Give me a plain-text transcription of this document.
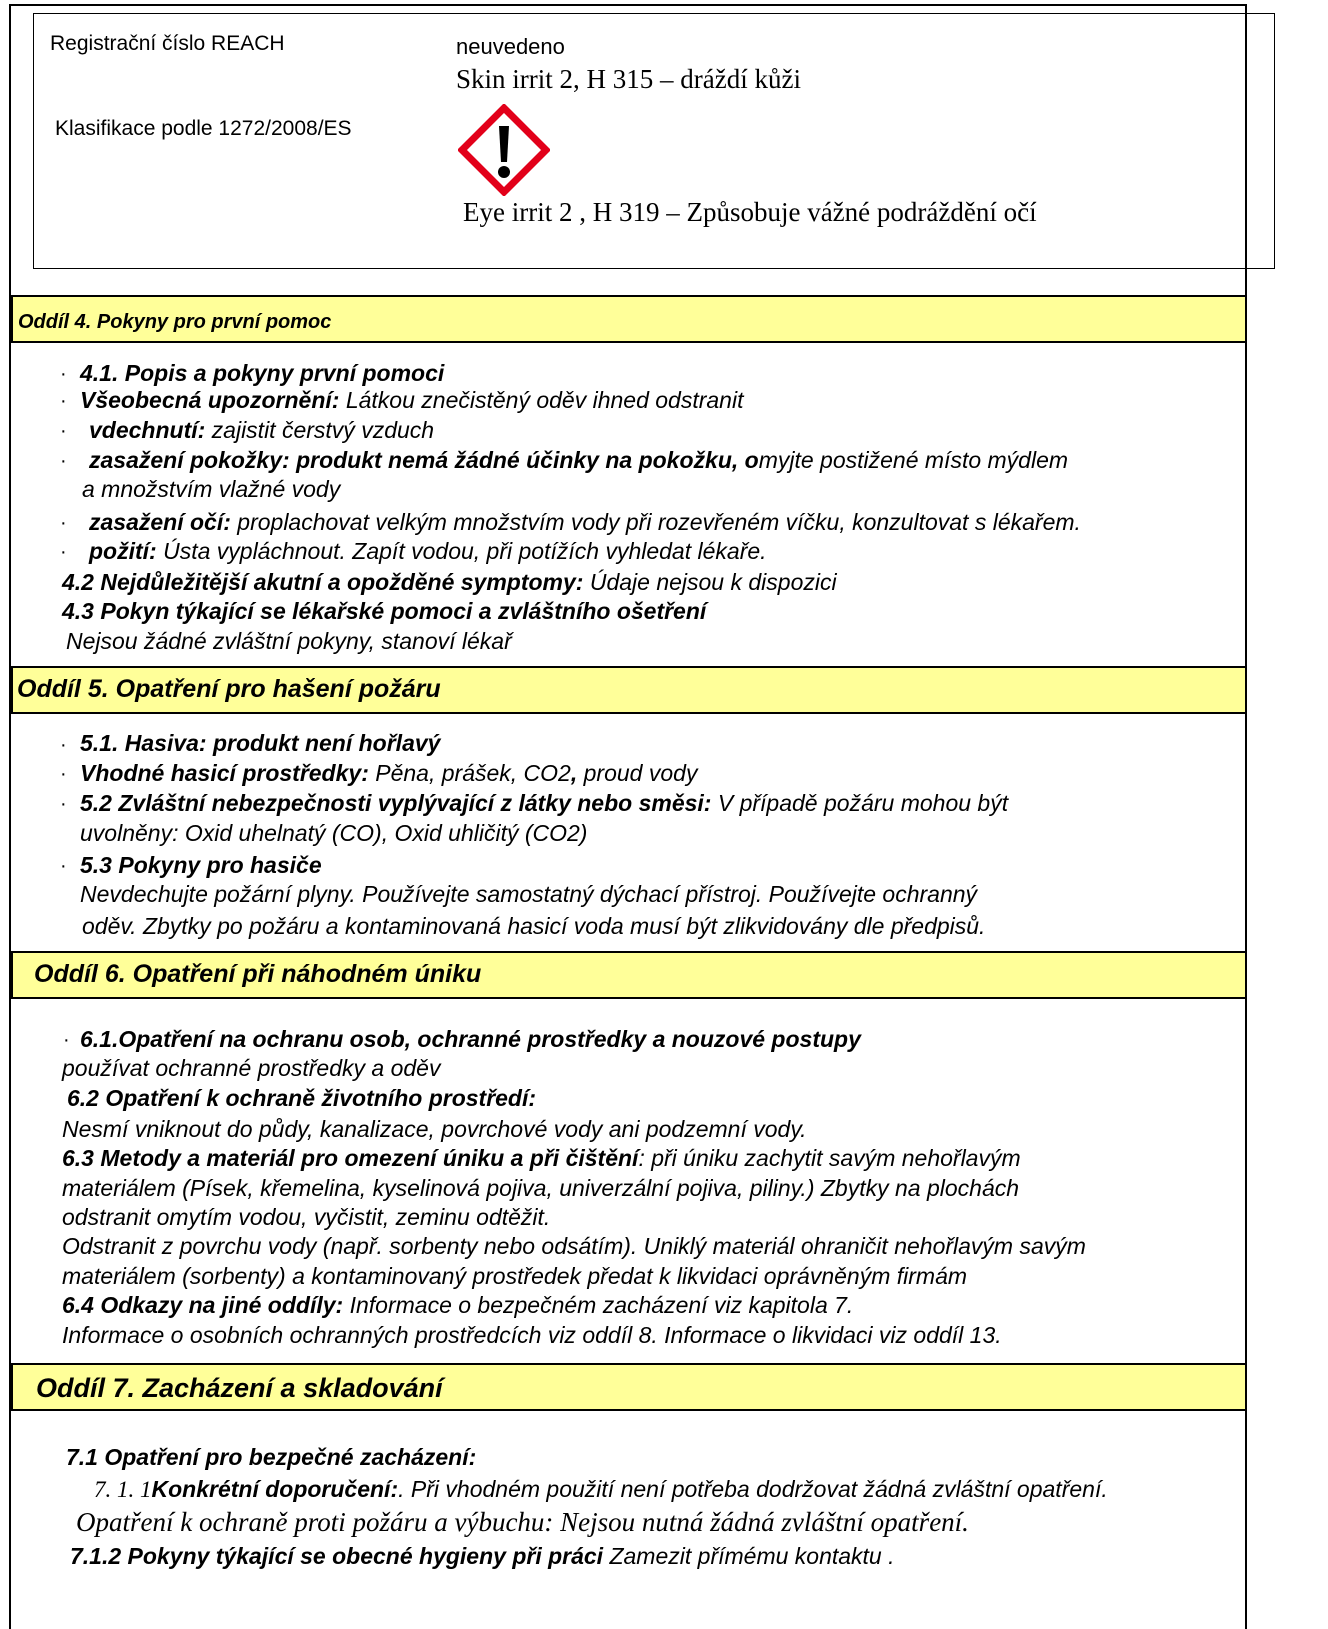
Registrační číslo REACH	neuvedeno
Skin irrit 2, H 315 – dráždí kůži
Klasifikace podle 1272/2008/ES
Eye irrit 2 , H 319 – Způsobuje vážné podráždění očí
Oddíl 4. Pokyny pro první pomoc
· 4.1. Popis a pokyny první pomoci
· Všeobecná upozornění: Látkou znečistěný oděv ihned odstranit
· vdechnutí: zajistit čerstvý vzduch
· zasažení pokožky: produkt nemá žádné účinky na pokožku, omyjte postižené místo mýdlem
a množstvím vlažné vody
· zasažení očí: proplachovat velkým množstvím vody při rozevřeném víčku, konzultovat s lékařem.
· požití: Ústa vypláchnout. Zapít vodou, při potížích vyhledat lékaře.
4.2 Nejdůležitější akutní a opožděné symptomy: Údaje nejsou k dispozici
4.3 Pokyn týkající se lékařské pomoci a zvláštního ošetření
Nejsou žádné zvláštní pokyny, stanoví lékař
Oddíl 5. Opatření pro hašení požáru
· 5.1. Hasiva: produkt není hořlavý
· Vhodné hasicí prostředky: Pěna, prášek, CO2, proud vody
· 5.2 Zvláštní nebezpečnosti vyplývající z látky nebo směsi: V případě požáru mohou být
uvolněny: Oxid uhelnatý (CO), Oxid uhličitý (CO2)
· 5.3 Pokyny pro hasiče
Nevdechujte požární plyny. Používejte samostatný dýchací přístroj. Používejte ochranný
oděv. Zbytky po požáru a kontaminovaná hasicí voda musí být zlikvidovány dle předpisů.
Oddíl 6. Opatření při náhodném úniku
· 6.1.Opatření na ochranu osob, ochranné prostředky a nouzové postupy
používat ochranné prostředky a oděv
6.2 Opatření k ochraně životního prostředí:
Nesmí vniknout do půdy, kanalizace, povrchové vody ani podzemní vody.
6.3 Metody a materiál pro omezení úniku a při čištění: při úniku zachytit savým nehořlavým
materiálem (Písek, křemelina, kyselinová pojiva, univerzální pojiva, piliny.) Zbytky na plochách
odstranit omytím vodou, vyčistit, zeminu odtěžit.
Odstranit z povrchu vody (např. sorbenty nebo odsátím). Uniklý materiál ohraničit nehořlavým savým
materiálem (sorbenty) a kontaminovaný prostředek předat k likvidaci oprávněným firmám
6.4 Odkazy na jiné oddíly: Informace o bezpečném zacházení viz kapitola 7.
Informace o osobních ochranných prostředcích viz oddíl 8. Informace o likvidaci viz oddíl 13.
Oddíl 7. Zacházení a skladování
7.1 Opatření pro bezpečné zacházení:
7. 1. 1Konkrétní doporučení:. Při vhodném použití není potřeba dodržovat žádná zvláštní opatření.
Opatření k ochraně proti požáru a výbuchu: Nejsou nutná žádná zvláštní opatření.
7.1.2 Pokyny týkající se obecné hygieny při práci Zamezit přímému kontaktu .
